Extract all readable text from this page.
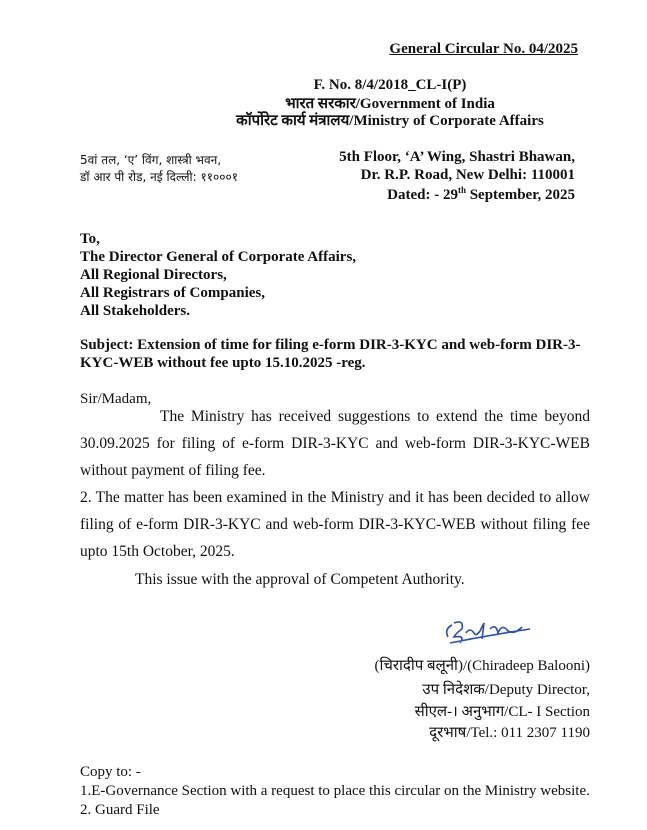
General Circular No. 04/2025
F. No. 8/4/2018_CL-I(P)
भारत सरकार/Government of India
कॉर्पोरेट कार्य मंत्रालय/Ministry of Corporate Affairs
5वां तल, ‘ए’ विंग, शास्त्री भवन,
डॉ आर पी रोड, नई दिल्ली: ११०००१
5th Floor, ‘A’ Wing, Shastri Bhawan,
Dr. R.P. Road, New Delhi: 110001
Dated: - 29th September, 2025
To,
The Director General of Corporate Affairs,
All Regional Directors,
All Registrars of Companies,
All Stakeholders.
Subject: Extension of time for filing e-form DIR-3-KYC and web-form DIR-3-KYC-WEB without fee upto 15.10.2025 -reg.
Sir/Madam,
The Ministry has received suggestions to extend the time beyond 30.09.2025 for filing of e-form DIR-3-KYC and web-form DIR-3-KYC-WEB without payment of filing fee.
2. The matter has been examined in the Ministry and it has been decided to allow filing of e-form DIR-3-KYC and web-form DIR-3-KYC-WEB without filing fee upto 15th October, 2025.
This issue with the approval of Competent Authority.
(चिरादीप बलूनी)/(Chiradeep Balooni)
उप निदेशक/Deputy Director,
सीएल-। अनुभाग/CL- I Section
दूरभाष/Tel.: 011 2307 1190
Copy to: -
1.E-Governance Section with a request to place this circular on the Ministry website.
2. Guard File
